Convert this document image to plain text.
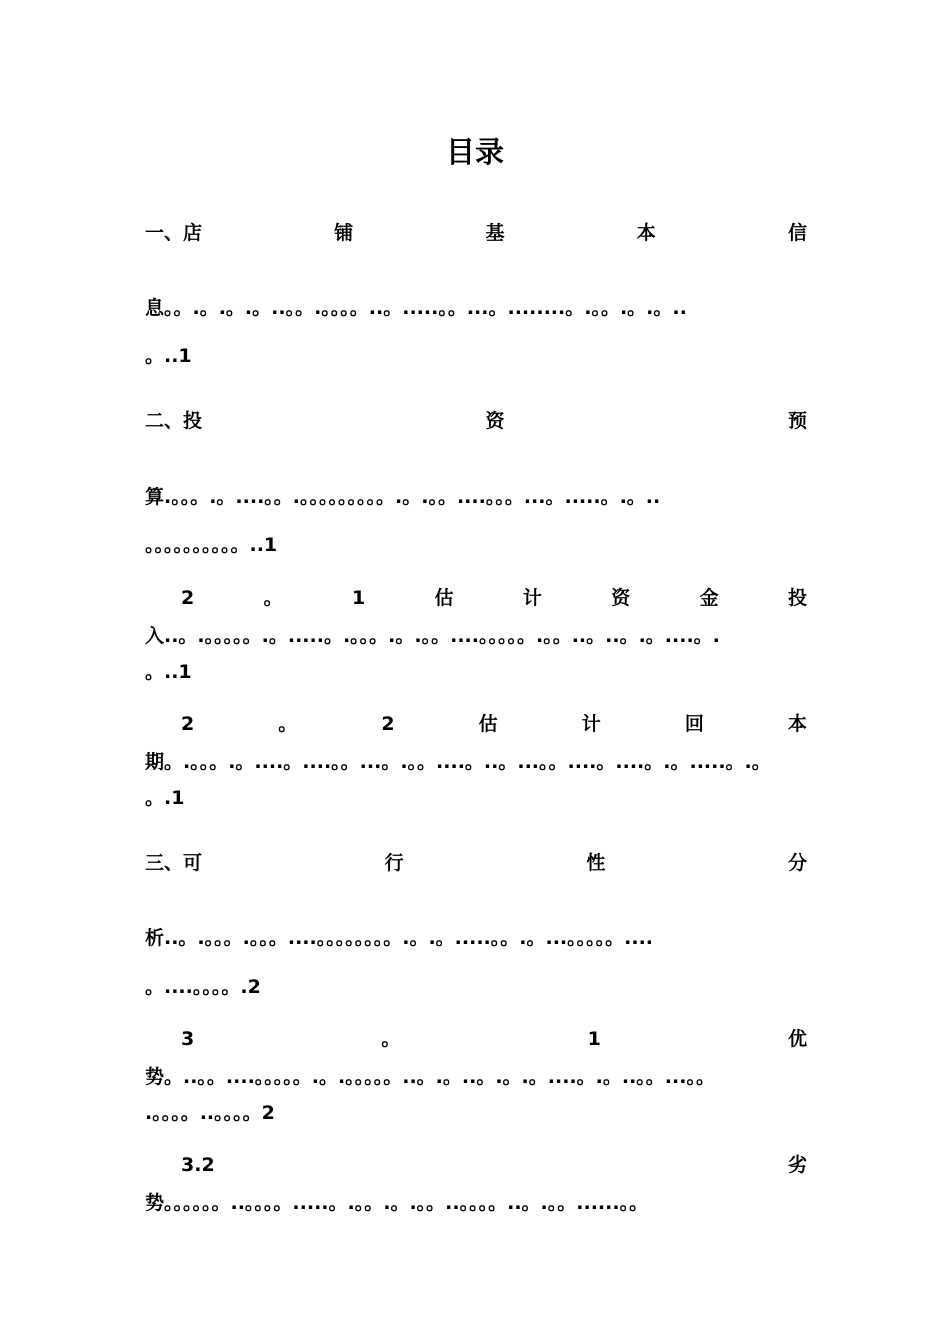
目录
一、店	铺	基	本	信
息。。.。.。.。..。。.。。。。..。.....。。...。........。.。。.。.。..
。..1
二、投	资	预
算.。。。.。....。。.。。。。。。。。。.。.。。....。。。...。.....。.。..
。。。。。。。。。。..1
2	。	1	估	计	资	金	投
入..。.。。。。。.。.....。.。。。.。.。。....。。。。。.。。..。..。.。....。.
。..1
2	。	2	估	计	回	本
期。.。。。.。....。....。。...。.。。....。..。...。。....。....。.。.....。.。
。.1
三、可	行	性	分
析..。.。。。.。。。....。。。。。。。。.。.。.....。。.。...。。。。。....
。....。。。。.2
3	。	1	优
势。..。。....。。。。。.。.。。。。。..。.。..。.。.。....。.。..。。...。。
.。。。。..。。。。2
3.2	劣
势。。。。。。..。。。。.....。.。。.。.。。..。。。。..。.。。......。。
